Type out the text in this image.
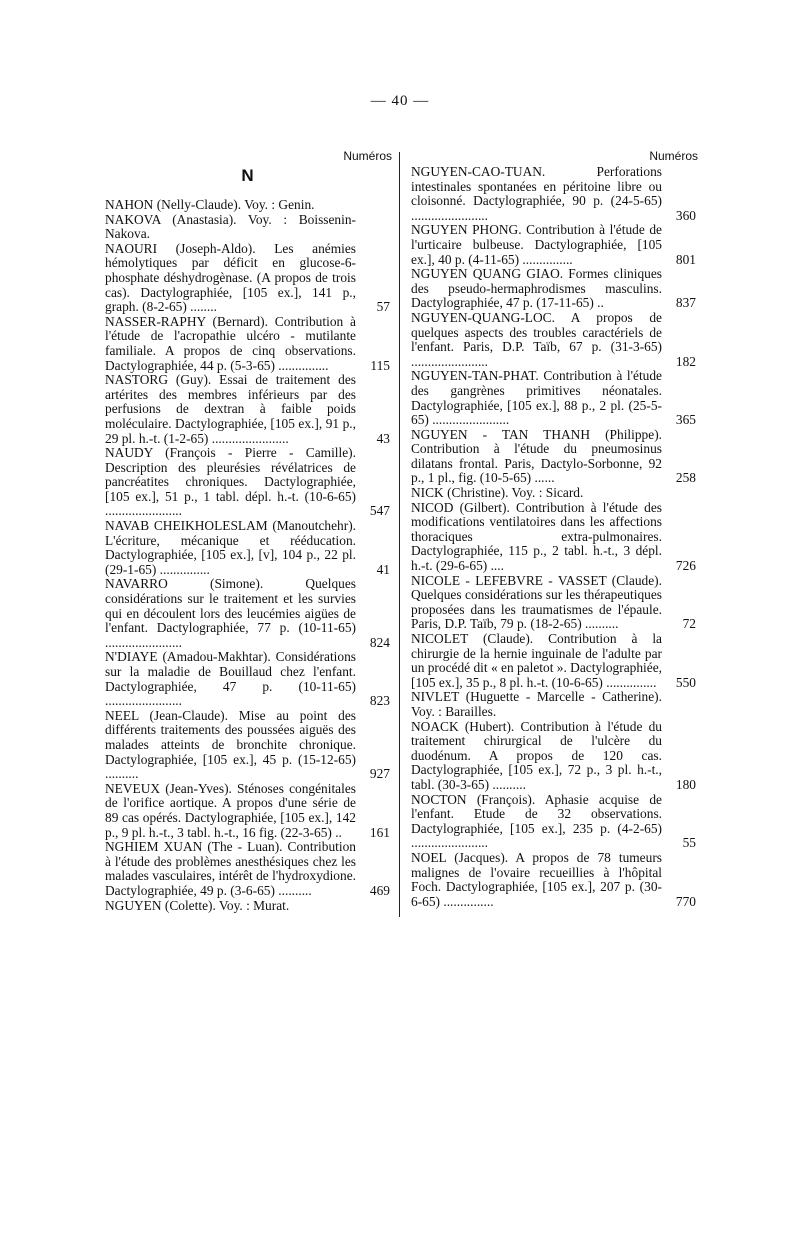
— 40 —
Numéros
N
NAHON (Nelly-Claude). Voy. : Genin.
NAKOVA (Anastasia). Voy. : Boissenin-Nakova.
NAOURI (Joseph-Aldo). Les anémies hémolytiques par déficit en glucose-6-phosphate déshydrogènase. (A propos de trois cas). Dactylographiée, [105 ex.], 141 p., graph. (8-2-65) ........	57
NASSER-RAPHY (Bernard). Contribution à l'étude de l'acropathie ulcéro - mutilante familiale. A propos de cinq observations. Dactylographiée, 44 p. (5-3-65) ...............	115
NASTORG (Guy). Essai de traitement des artérites des membres inférieurs par des perfusions de dextran à faible poids moléculaire. Dactylographiée, [105 ex.], 91 p., 29 pl. h.-t. (1-2-65) .......................	43
NAUDY (François - Pierre - Camille). Description des pleurésies révélatrices de pancréatites chroniques. Dactylographiée, [105 ex.], 51 p., 1 tabl. dépl. h.-t. (10-6-65) .......................	547
NAVAB CHEIKHOLESLAM (Manoutchehr). L'écriture, mécanique et rééducation. Dactylographiée, [105 ex.], [v], 104 p., 22 pl. (29-1-65) ...............	41
NAVARRO (Simone). Quelques considérations sur le traitement et les survies qui en découlent lors des leucémies aigües de l'enfant. Dactylographiée, 77 p. (10-11-65) .......................	824
N'DIAYE (Amadou-Makhtar). Considérations sur la maladie de Bouillaud chez l'enfant. Dactylographiée, 47 p. (10-11-65) .......................	823
NEEL (Jean-Claude). Mise au point des différents traitements des poussées aiguës des malades atteints de bronchite chronique. Dactylographiée, [105 ex.], 45 p. (15-12-65) ..........	927
NEVEUX (Jean-Yves). Sténoses congénitales de l'orifice aortique. A propos d'une série de 89 cas opérés. Dactylographiée, [105 ex.], 142 p., 9 pl. h.-t., 3 tabl. h.-t., 16 fig. (22-3-65) ..	161
NGHIEM XUAN (The - Luan). Contribution à l'étude des problèmes anesthésiques chez les malades vasculaires, intérêt de l'hydroxydione. Dactylographiée, 49 p. (3-6-65) ..........	469
NGUYEN (Colette). Voy. : Murat.
Numéros
NGUYEN-CAO-TUAN. Perforations intestinales spontanées en péritoine libre ou cloisonné. Dactylographiée, 90 p. (24-5-65) .......................	360
NGUYEN PHONG. Contribution à l'étude de l'urticaire bulbeuse. Dactylographiée, [105 ex.], 40 p. (4-11-65) ...............	801
NGUYEN QUANG GIAO. Formes cliniques des pseudo-hermaphrodismes masculins. Dactylographiée, 47 p. (17-11-65) ..	837
NGUYEN-QUANG-LOC. A propos de quelques aspects des troubles caractériels de l'enfant. Paris, D.P. Taïb, 67 p. (31-3-65) .......................	182
NGUYEN-TAN-PHAT. Contribution à l'étude des gangrènes primitives néonatales. Dactylographiée, [105 ex.], 88 p., 2 pl. (25-5-65) .......................	365
NGUYEN - TAN THANH (Philippe). Contribution à l'étude du pneumosinus dilatans frontal. Paris, Dactylo-Sorbonne, 92 p., 1 pl., fig. (10-5-65) ......	258
NICK (Christine). Voy. : Sicard.
NICOD (Gilbert). Contribution à l'étude des modifications ventilatoires dans les affections thoraciques extra-pulmonaires. Dactylographiée, 115 p., 2 tabl. h.-t., 3 dépl. h.-t. (29-6-65) ....	726
NICOLE - LEFEBVRE - VASSET (Claude). Quelques considérations sur les thérapeutiques proposées dans les traumatismes de l'épaule. Paris, D.P. Taïb, 79 p. (18-2-65) ..........	72
NICOLET (Claude). Contribution à la chirurgie de la hernie inguinale de l'adulte par un procédé dit « en paletot ». Dactylographiée, [105 ex.], 35 p., 8 pl. h.-t. (10-6-65) ...............	550
NIVLET (Huguette - Marcelle - Catherine). Voy. : Barailles.
NOACK (Hubert). Contribution à l'étude du traitement chirurgical de l'ulcère du duodénum. A propos de 120 cas. Dactylographiée, [105 ex.], 72 p., 3 pl. h.-t., tabl. (30-3-65) ..........	180
NOCTON (François). Aphasie acquise de l'enfant. Etude de 32 observations. Dactylographiée, [105 ex.], 235 p. (4-2-65) .......................	55
NOEL (Jacques). A propos de 78 tumeurs malignes de l'ovaire recueillies à l'hôpital Foch. Dactylographiée, [105 ex.], 207 p. (30-6-65) ...............	770
